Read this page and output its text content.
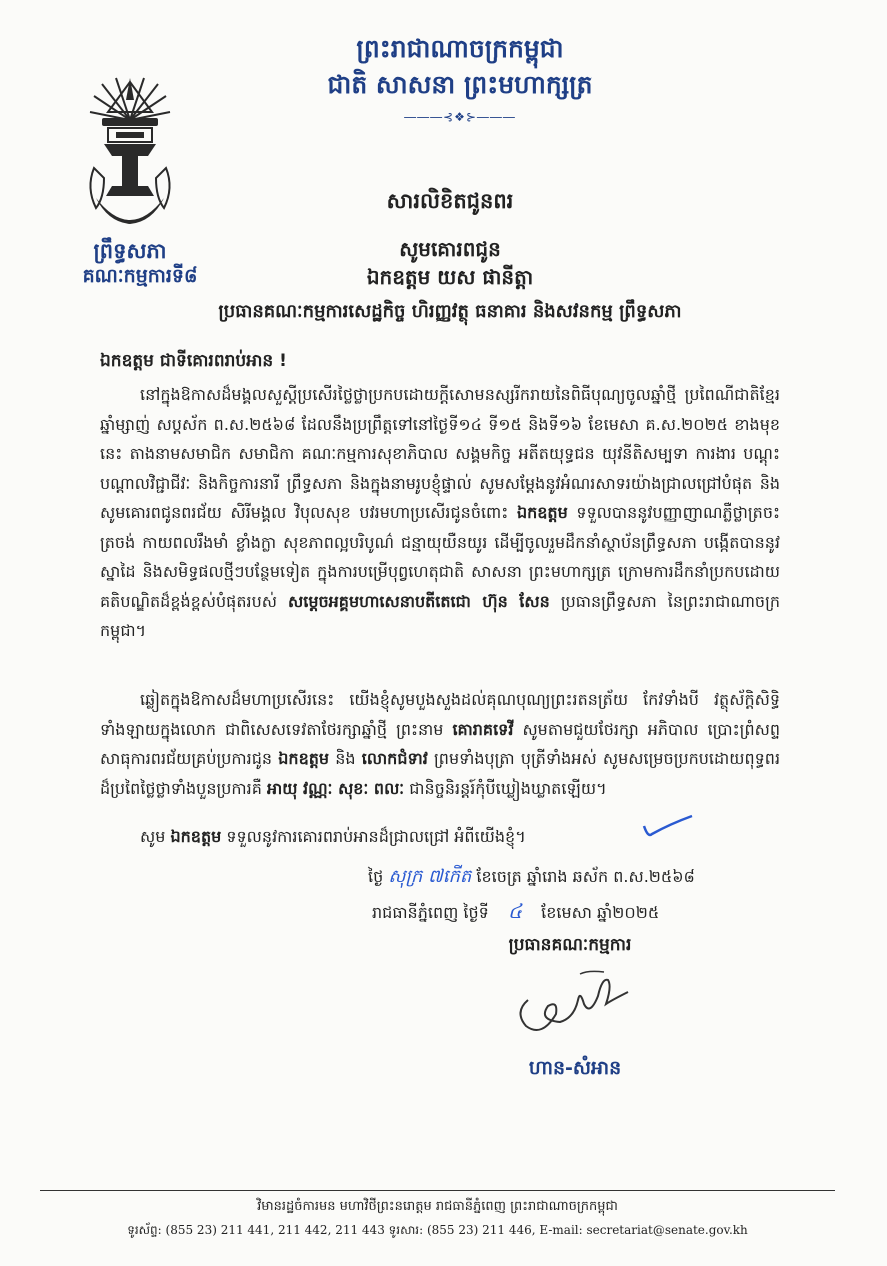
ព្រះរាជាណាចក្រកម្ពុជា
ជាតិ សាសនា ព្រះមហាក្សត្រ
―――⊰❖⊱―――
ព្រឹទ្ធសភា
គណៈកម្មការទី៨
សារលិខិតជូនពរ
សូមគោរពជូន
ឯកឧត្តម យស ផានីត្តា
ប្រធានគណៈកម្មការសេដ្ឋកិច្ច ហិរញ្ញវត្ថុ ធនាគារ និងសវនកម្ម ព្រឹទ្ធសភា
ឯកឧត្តម ជាទីគោរពរាប់អាន !
នៅក្នុងឱកាសដ៏មង្គលសួស្តីប្រសើរថ្លៃថ្លាប្រកបដោយក្តីសោមនស្សរីករាយនៃពិធីបុណ្យចូលឆ្នាំថ្មី ប្រពៃណីជាតិខ្មែរ ឆ្នាំម្សាញ់ សប្តស័ក ព.ស.២៥៦៨ ដែលនឹងប្រព្រឹត្តទៅនៅថ្ងៃទី១៤ ទី១៥ និងទី១៦ ខែមេសា គ.ស.២០២៥ ខាងមុខនេះ តាងនាមសមាជិក សមាជិកា គណៈកម្មការសុខាភិបាល សង្គមកិច្ច អតីតយុទ្ធជន យុវនីតិសម្បទា ការងារ បណ្តុះបណ្តាលវិជ្ជាជីវៈ និងកិច្ចការនារី ព្រឹទ្ធសភា និងក្នុងនាមរូបខ្ញុំផ្ទាល់ សូមសម្តែងនូវអំណរសាទរយ៉ាងជ្រាលជ្រៅបំផុត និងសូមគោរពជូនពរជ័យ សិរីមង្គល វិបុលសុខ បវរមហាប្រសើរជូនចំពោះ ឯកឧត្តម ទទួលបាននូវបញ្ញាញាណភ្លឺថ្លាត្រចះត្រចង់ កាយពលរឹងមាំ ខ្លាំងក្លា សុខភាពល្អបរិបូណ៌ ជន្មាយុយឺនយូរ ដើម្បីចូលរួមដឹកនាំស្ថាប័នព្រឹទ្ធសភា បង្កើតបាននូវស្នាដៃ និងសមិទ្ធផលថ្មីៗបន្ថែមទៀត ក្នុងការបម្រើបុព្វហេតុជាតិ សាសនា ព្រះមហាក្សត្រ ក្រោមការដឹកនាំប្រកបដោយគតិបណ្ឌិតដ៏ខ្ពង់ខ្ពស់បំផុតរបស់ សម្តេចអគ្គមហាសេនាបតីតេជោ ហ៊ុន សែន ប្រធានព្រឹទ្ធសភា នៃព្រះរាជាណាចក្រកម្ពុជា។
ឆ្លៀតក្នុងឱកាសដ៏មហាប្រសើរនេះ យើងខ្ញុំសូមបួងសួងដល់គុណបុណ្យព្រះរតនត្រ័យ កែវទាំងបី វត្ថុស័ក្តិសិទ្ធិទាំងឡាយក្នុងលោក ជាពិសេសទេវតាថែរក្សាឆ្នាំថ្មី ព្រះនាម គោរាគទេវី សូមតាមជួយថែរក្សា អភិបាល ប្រោះព្រំសព្ទសាធុការពរជ័យគ្រប់ប្រការជូន ឯកឧត្តម និង លោកជំទាវ ព្រមទាំងបុត្រា បុត្រីទាំងអស់ សូមសម្រេចប្រកបដោយពុទ្ធពរដ៏ប្រពៃថ្លៃថ្លាទាំងបួនប្រការគឺ អាយុ វណ្ណៈ សុខៈ ពលៈ ជានិច្ចនិរន្តរ៍កុំបីឃ្លៀងឃ្លាតឡើយ។
សូម ឯកឧត្តម ទទួលនូវការគោរពរាប់អានដ៏ជ្រាលជ្រៅ អំពីយើងខ្ញុំ។
ថ្ងៃ សុក្រ ៧កើត ខែចេត្រ ឆ្នាំរោង ឆស័ក ព.ស.២៥៦៨
រាជធានីភ្នំពេញ ថ្ងៃទី ៤ ខែមេសា ឆ្នាំ២០២៥
ប្រធានគណៈកម្មការ
ហាន-សំអាន
វិមានរដ្ឋចំការមន មហាវិថីព្រះនរោត្តម រាជធានីភ្នំពេញ ព្រះរាជាណាចក្រកម្ពុជា
ទូរស័ព្ទ: (855 23) 211 441, 211 442, 211 443 ទូរសារ: (855 23) 211 446, E-mail: secretariat@senate.gov.kh
